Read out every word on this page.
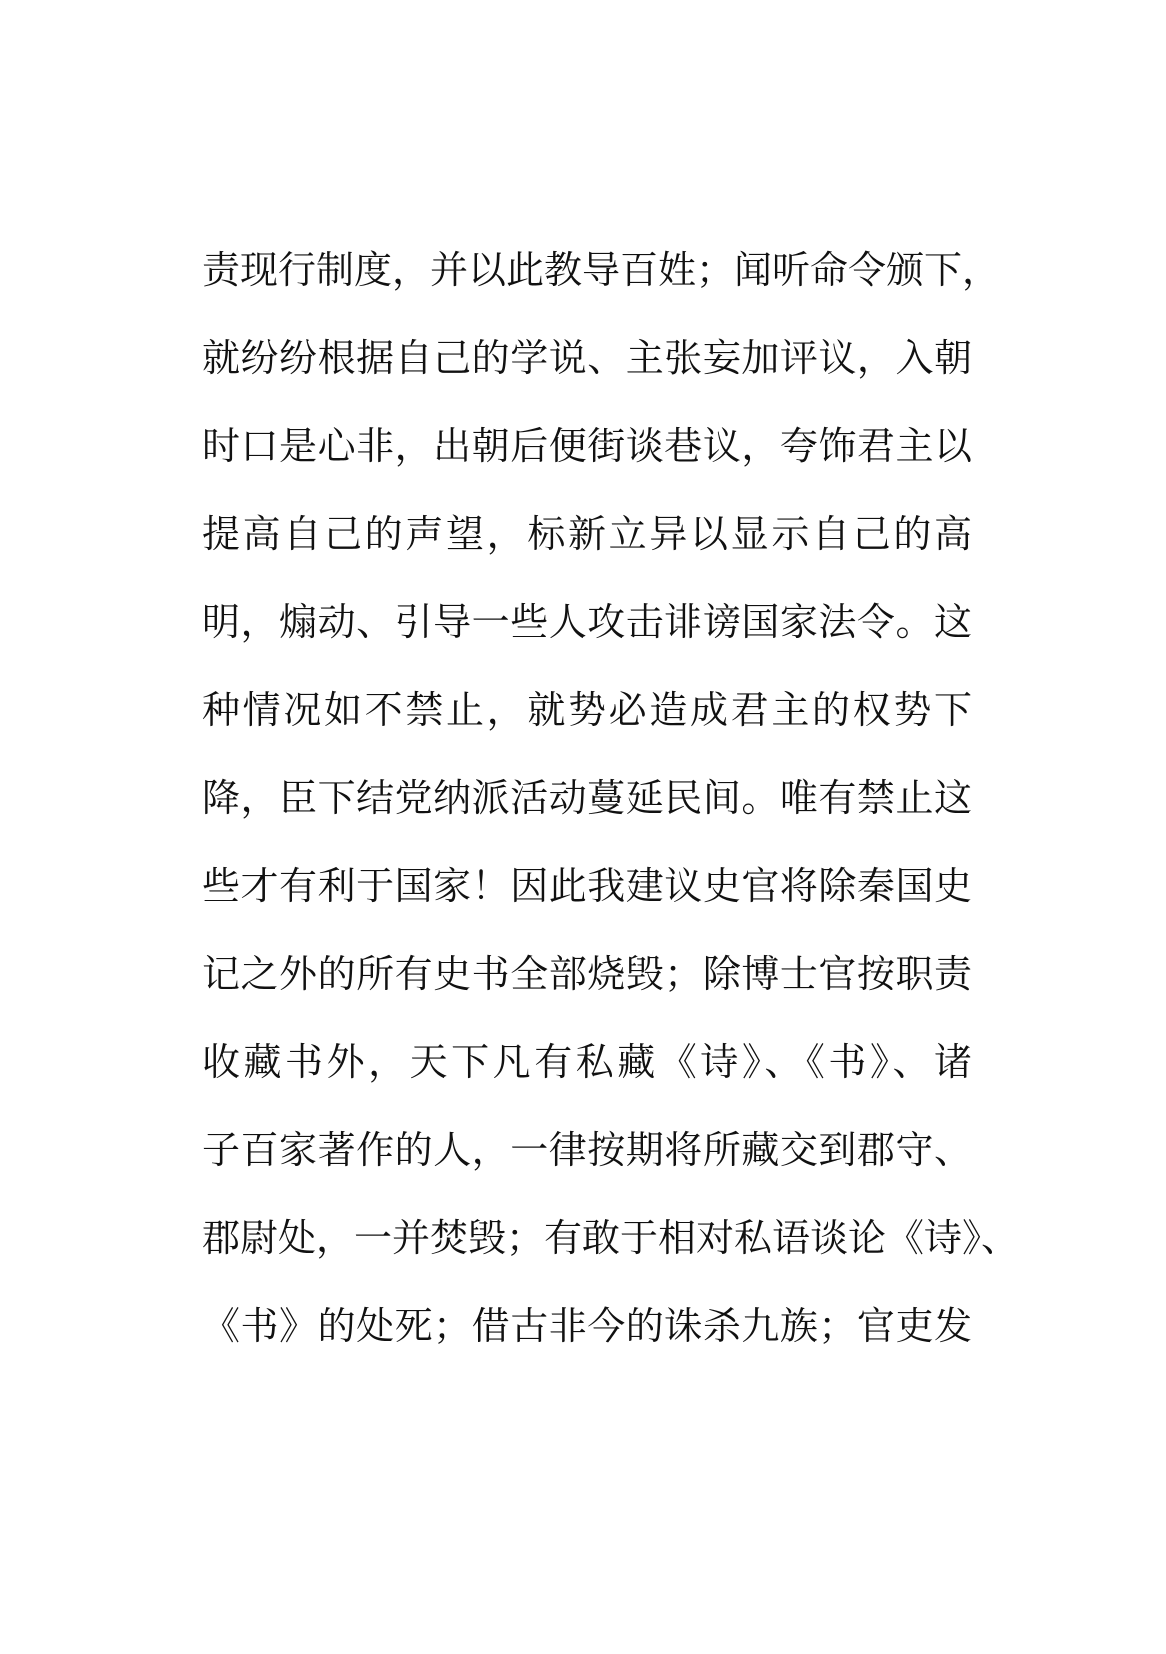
责现行制度，并以此教导百姓；闻听命令颁下，
就纷纷根据自己的学说、主张妄加评议，入朝
时口是心非，出朝后便街谈巷议，夸饰君主以
提高自己的声望，标新立异以显示自己的高
明，煽动、引导一些人攻击诽谤国家法令。这
种情况如不禁止，就势必造成君主的权势下
降，臣下结党纳派活动蔓延民间。唯有禁止这
些才有利于国家！因此我建议史官将除秦国史
记之外的所有史书全部烧毁；除博士官按职责
收藏书外，天下凡有私藏《诗》、《书》、诸
子百家著作的人，一律按期将所藏交到郡守、
郡尉处，一并焚毁；有敢于相对私语谈论《诗》、
《书》的处死；借古非今的诛杀九族；官吏发
